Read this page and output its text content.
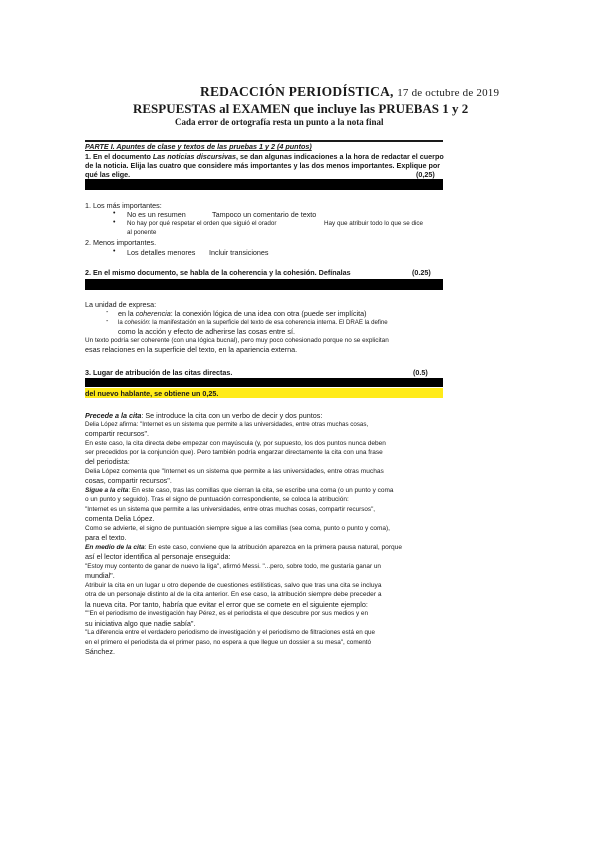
REDACCIÓN PERIODÍSTICA, 17 de octubre de 2019
RESPUESTAS al EXAMEN que incluye las PRUEBAS 1 y 2
Cada error de ortografía resta un punto a la nota final
PARTE I. Apuntes de clase y textos de las pruebas 1 y 2 (4 puntos)
1. En el documento Las noticias discursivas, se dan algunas indicaciones a la hora de redactar el cuerpo
de la noticia. Elija las cuatro que considere más importantes y las dos menos importantes. Explique por
qué las elige.	(0,25)
1. Los más importantes:
• No es un resumen	Tampoco un comentario de texto
• No hay por qué respetar el orden que siguió el orador	Hay que atribuir todo lo que se dice
al ponente
2. Menos importantes.
• Los detalles menores Incluir transiciones
2. En el mismo documento, se habla de la coherencia y la cohesión. Defínalas	(0.25)
La unidad de expresa:
- en la coherencia: la conexión lógica de una idea con otra (puede ser implícita)
- la cohesión: la manifestación en la superficie del texto de esa coherencia interna. El DRAE la define
como la acción y efecto de adherirse las cosas entre sí.
Un texto podría ser coherente (con una lógica bucnal), pero muy poco cohesionado porque no se explicitan
esas relaciones en la superficie del texto, en la apariencia externa.
3. Lugar de atribución de las citas directas.	(0.5)
del nuevo hablante, se obtiene un 0,25.
Precede a la cita: Se introduce la cita con un verbo de decir y dos puntos:
Delia López afirma: "Internet es un sistema que permite a las universidades, entre otras muchas cosas,
compartir recursos".
En este caso, la cita directa debe empezar con mayúscula (y, por supuesto, los dos puntos nunca deben
ser precedidos por la conjunción que). Pero también podría engarzar directamente la cita con una frase
del periodista:
Delia López comenta que "Internet es un sistema que permite a las universidades, entre otras muchas
cosas, compartir recursos".
Sigue a la cita: En este caso, tras las comillas que cierran la cita, se escribe una coma (o un punto y coma
o un punto y seguido). Tras el signo de puntuación correspondiente, se coloca la atribución:
"Internet es un sistema que permite a las universidades, entre otras muchas cosas, compartir recursos",
comenta Delia López.
Como se advierte, el signo de puntuación siempre sigue a las comillas (sea coma, punto o punto y coma),
para el texto.
En medio de la cita: En este caso, conviene que la atribución aparezca en la primera pausa natural, porque
así el lector identifica al personaje enseguida:
"Estoy muy contento de ganar de nuevo la liga", afirmó Messi. "...pero, sobre todo, me gustaría ganar un
mundial".
Atribuir la cita en un lugar u otro depende de cuestiones estilísticas, salvo que tras una cita se incluya
otra de un personaje distinto al de la cita anterior. En ese caso, la atribución siempre debe preceder a
la nueva cita. Por tanto, habría que evitar el error que se comete en el siguiente ejemplo:
""En el periodismo de investigación hay Pérez, es el periodista el que descubre por sus medios y en
su iniciativa algo que nadie sabía".
"La diferencia entre el verdadero periodismo de investigación y el periodismo de filtraciones está en que
en el primero el periodista da el primer paso, no espera a que llegue un dossier a su mesa", comentó
Sánchez.
